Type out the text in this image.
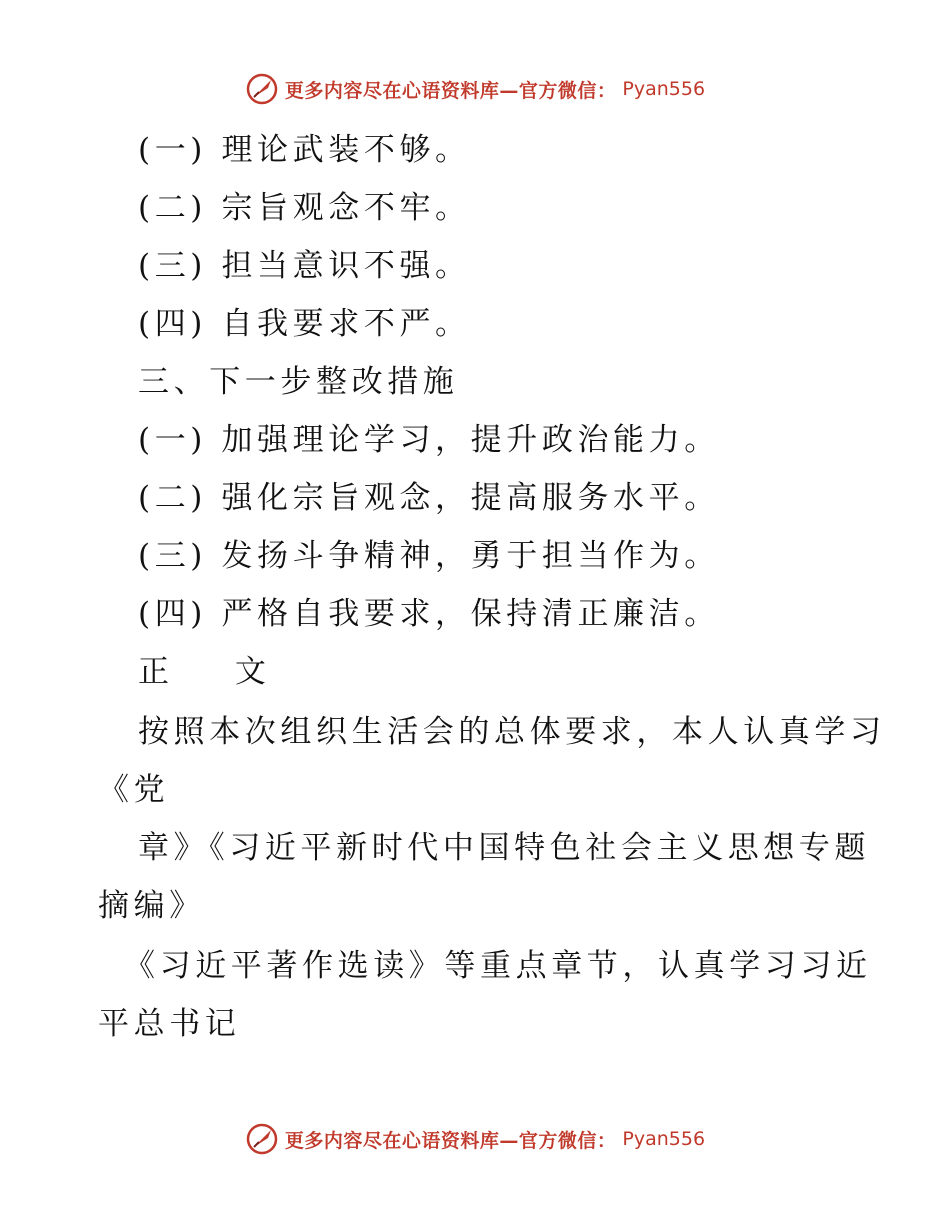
更多内容尽在心语资料库—官方微信： Pyan556
(一) 理论武装不够。
(二) 宗旨观念不牢。
(三) 担当意识不强。
(四) 自我要求不严。
三、下一步整改措施
(一) 加强理论学习，提升政治能力。
(二) 强化宗旨观念，提高服务水平。
(三) 发扬斗争精神，勇于担当作为。
(四) 严格自我要求，保持清正廉洁。
正 文
按照本次组织生活会的总体要求，本人认真学习
《党
章》《习近平新时代中国特色社会主义思想专题
摘编》
《习近平著作选读》等重点章节，认真学习习近
平总书记
更多内容尽在心语资料库—官方微信： Pyan556
